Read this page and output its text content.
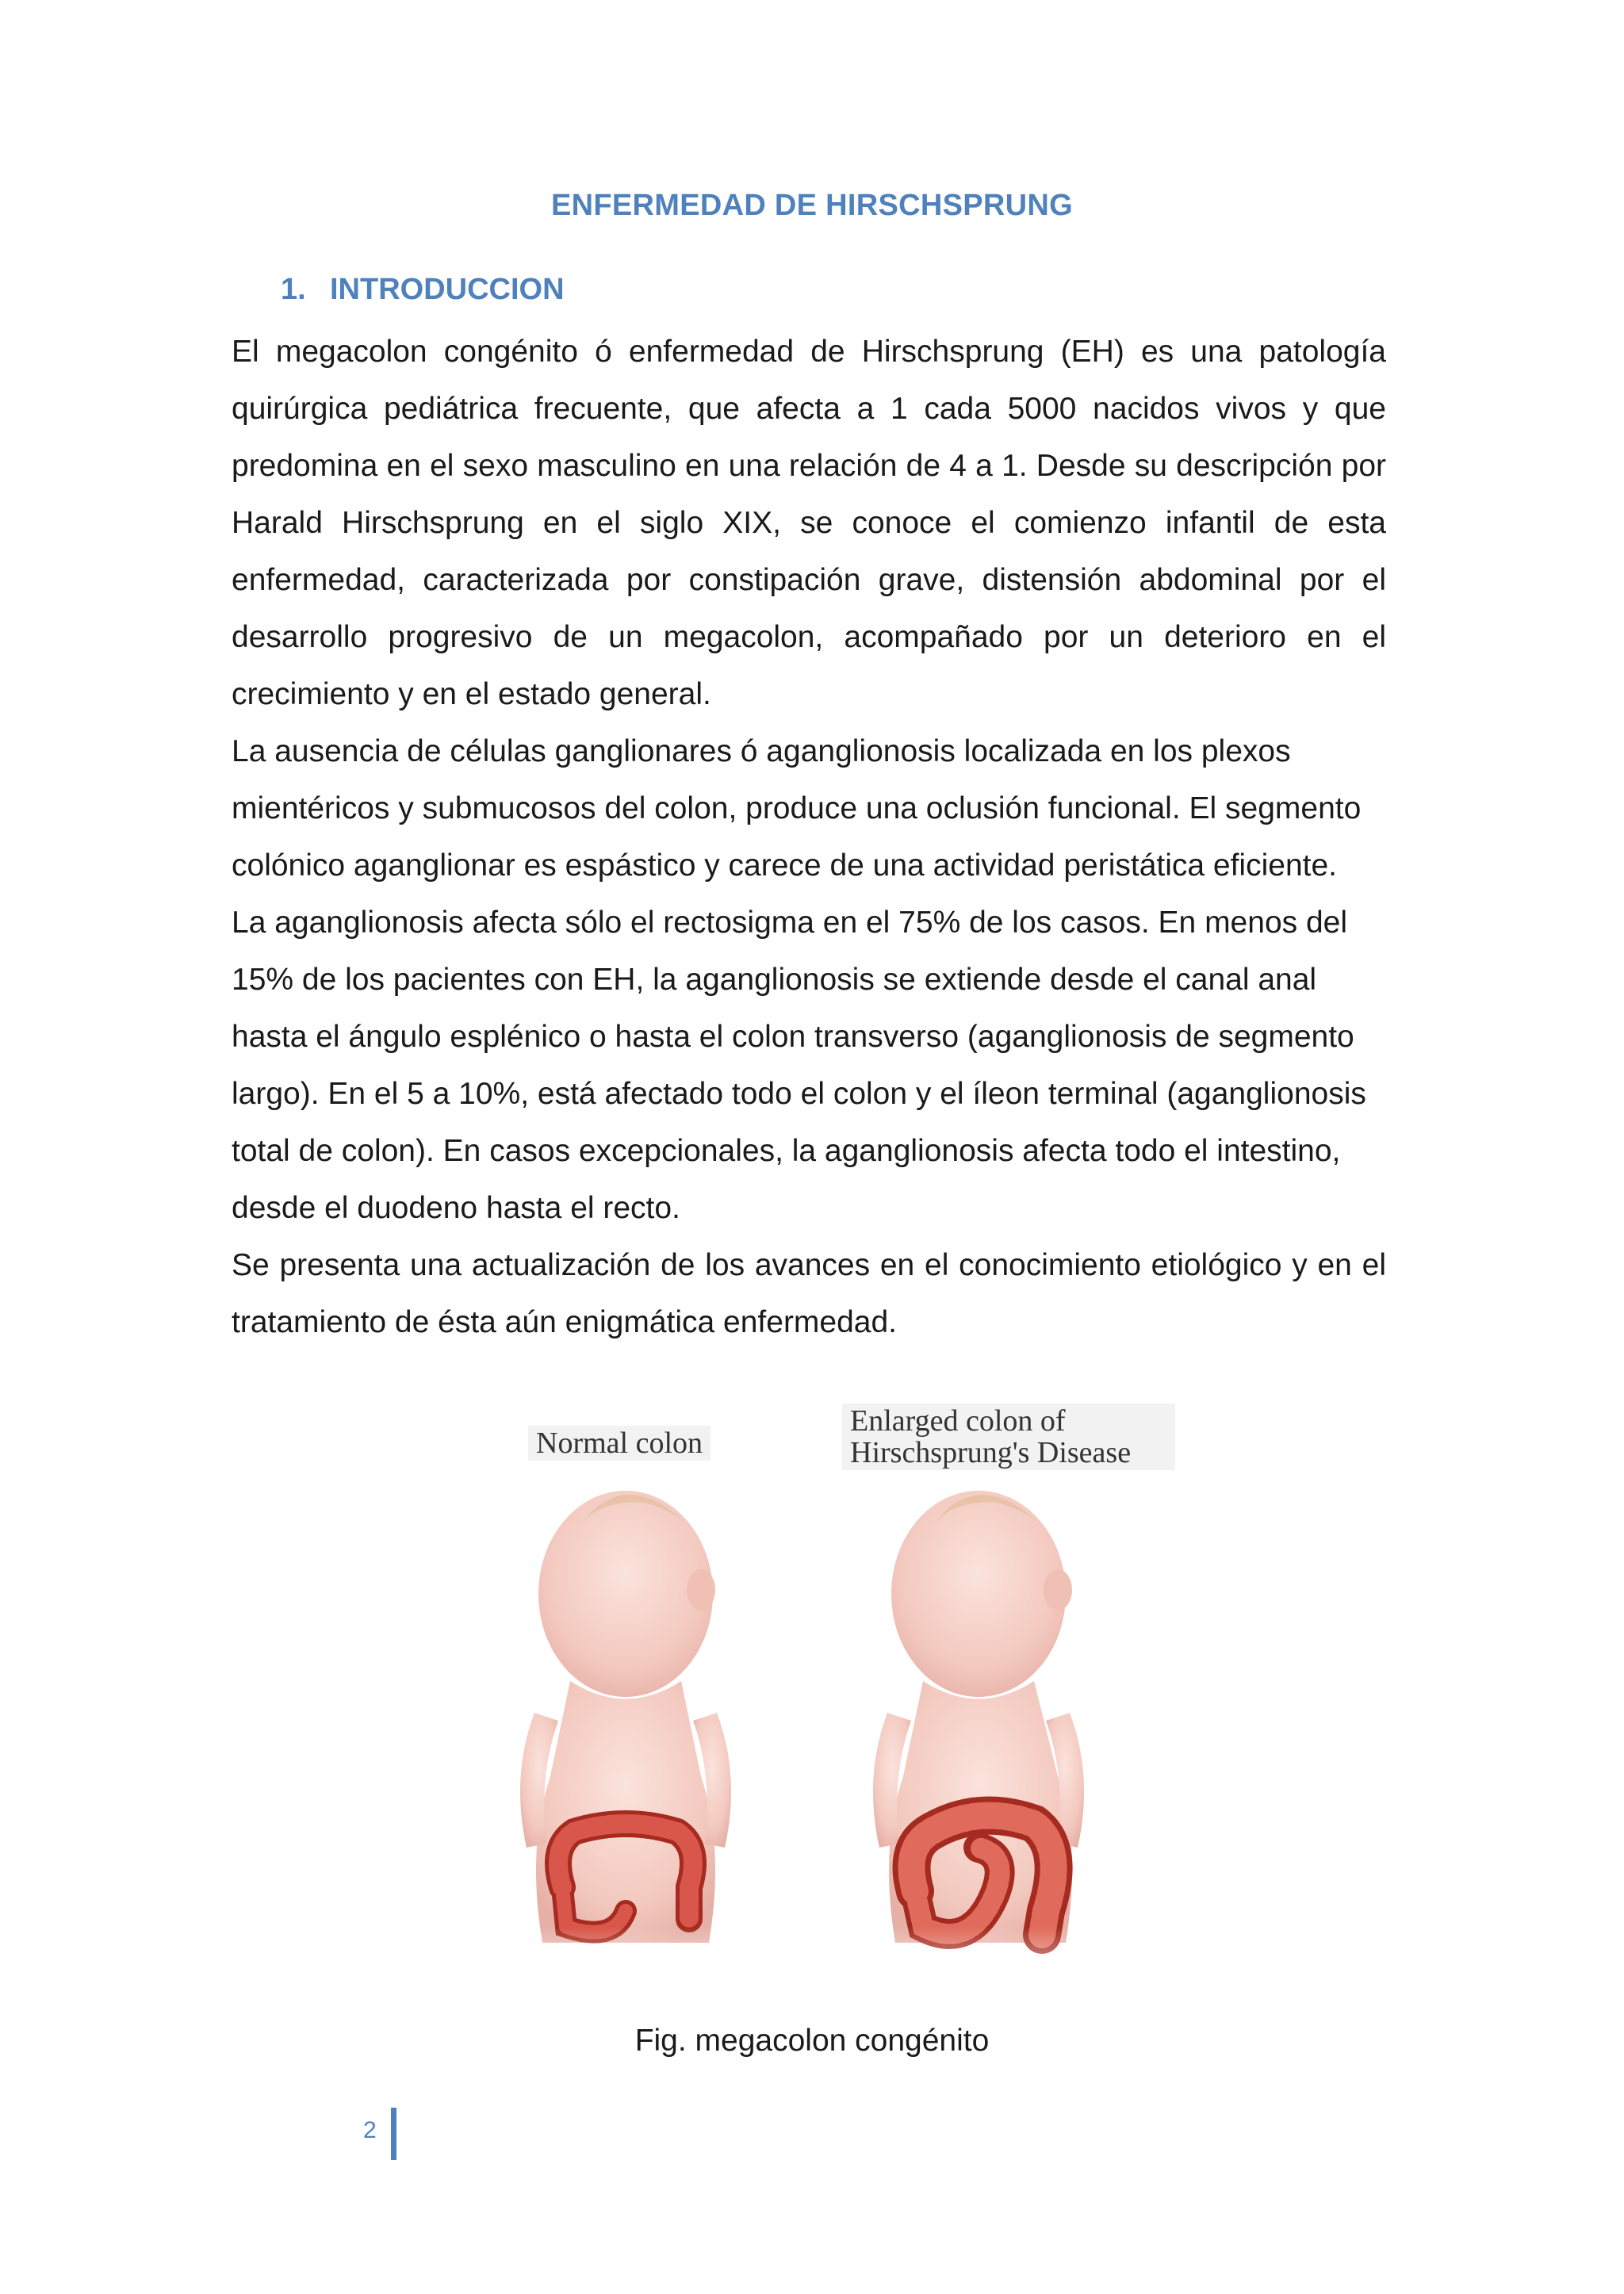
ENFERMEDAD DE HIRSCHSPRUNG
1. INTRODUCCION

El megacolon congénito ó enfermedad de Hirschsprung (EH) es una patología quirúrgica pediátrica frecuente, que afecta a 1 cada 5000 nacidos vivos y que predomina en el sexo masculino en una relación de 4 a 1. Desde su descripción por Harald Hirschsprung en el siglo XIX, se conoce el comienzo infantil de esta enfermedad, caracterizada por constipación grave, distensión abdominal por el desarrollo progresivo de un megacolon, acompañado por un deterioro en el crecimiento y en el estado general.

La ausencia de células ganglionares ó aganglionosis localizada en los plexos mientéricos y submucosos del colon, produce una oclusión funcional. El segmento colónico aganglionar es espástico y carece de una actividad peristática eficiente.

La aganglionosis afecta sólo el rectosigma en el 75% de los casos. En menos del 15% de los pacientes con EH, la aganglionosis se extiende desde el canal anal hasta el ángulo esplénico o hasta el colon transverso (aganglionosis de segmento largo). En el 5 a 10%, está afectado todo el colon y el íleon terminal (aganglionosis total de colon). En casos excepcionales, la aganglionosis afecta todo el intestino, desde el duodeno hasta el recto.

Se presenta una actualización de los avances en el conocimiento etiológico y en el tratamiento de ésta aún enigmática enfermedad.

Normal colon
Enlarged colon of Hirschsprung's Disease

Fig. megacolon congénito

2
